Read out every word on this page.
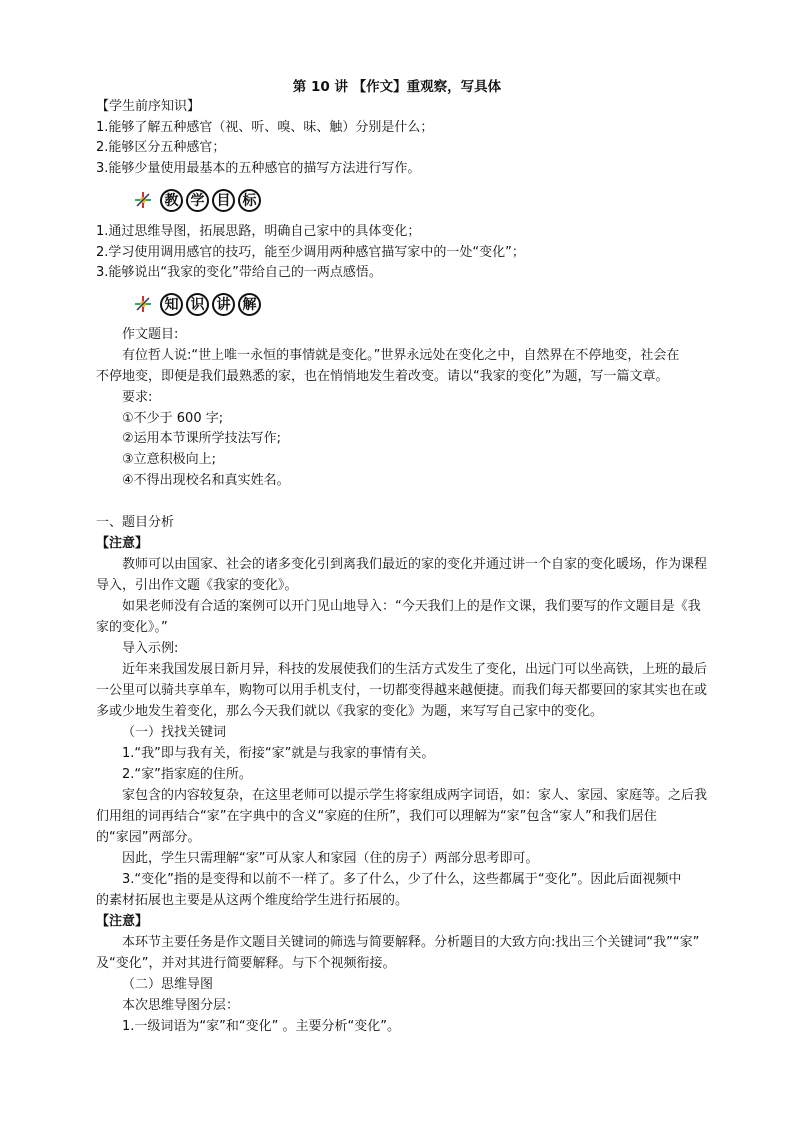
第 10 讲 【作文】重观察，写具体
【学生前序知识】
1.能够了解五种感官（视、听、嗅、味、触）分别是什么；
2.能够区分五种感官；
3.能够少量使用最基本的五种感官的描写方法进行写作。
教 学 目 标
1.通过思维导图，拓展思路，明确自己家中的具体变化；
2.学习使用调用感官的技巧，能至少调用两种感官描写家中的一处“变化”；
3.能够说出“我家的变化”带给自己的一两点感悟。
知 识 讲 解
作文题目:
有位哲人说:“世上唯一永恒的事情就是变化。”世界永远处在变化之中，自然界在不停地变，社会在
不停地变，即便是我们最熟悉的家，也在悄悄地发生着改变。请以“我家的变化”为题，写一篇文章。
要求:
①不少于 600 字;
②运用本节课所学技法写作;
③立意积极向上;
④不得出现校名和真实姓名。
一、题目分析
【注意】
教师可以由国家、社会的诸多变化引到离我们最近的家的变化并通过讲一个自家的变化暖场，作为课程
导入，引出作文题《我家的变化》。
如果老师没有合适的案例可以开门见山地导入：“今天我们上的是作文课，我们要写的作文题目是《我
家的变化》。”
导入示例:
近年来我国发展日新月异，科技的发展使我们的生活方式发生了变化，出远门可以坐高铁，上班的最后
一公里可以骑共享单车，购物可以用手机支付，一切都变得越来越便捷。而我们每天都要回的家其实也在或
多或少地发生着变化，那么今天我们就以《我家的变化》为题，来写写自己家中的变化。
（一）找找关键词
1.“我”即与我有关，衔接“家”就是与我家的事情有关。
2.“家”指家庭的住所。
家包含的内容较复杂，在这里老师可以提示学生将家组成两字词语，如：家人、家园、家庭等。之后我
们用组的词再结合“家”在字典中的含义“家庭的住所”，我们可以理解为“家”包含“家人”和我们居住
的“家园”两部分。
因此，学生只需理解“家”可从家人和家园（住的房子）两部分思考即可。
3.“变化”指的是变得和以前不一样了。多了什么，少了什么，这些都属于“变化”。因此后面视频中
的素材拓展也主要是从这两个维度给学生进行拓展的。
【注意】
本环节主要任务是作文题目关键词的筛选与简要解释。分析题目的大致方向:找出三个关键词“我”“家”
及“变化”，并对其进行简要解释。与下个视频衔接。
（二）思维导图
本次思维导图分层：
1.一级词语为“家”和“变化” 。主要分析“变化”。
